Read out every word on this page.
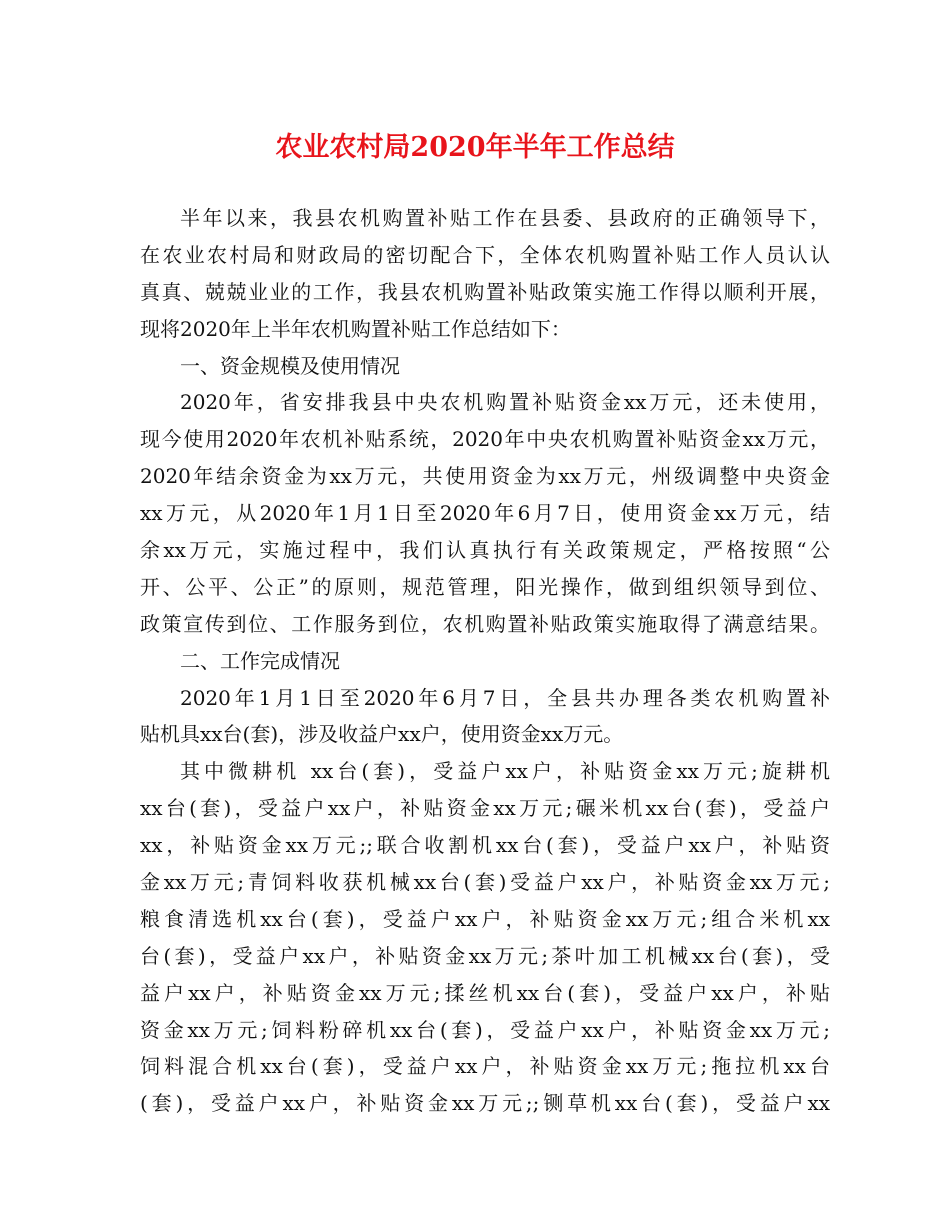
农业农村局2020年半年工作总结
半年以来，我县农机购置补贴工作在县委、县政府的正确领导下，
在农业农村局和财政局的密切配合下，全体农机购置补贴工作人员认认
真真、兢兢业业的工作，我县农机购置补贴政策实施工作得以顺利开展，
现将2020年上半年农机购置补贴工作总结如下：
一、资金规模及使用情况
2020年，省安排我县中央农机购置补贴资金xx万元，还未使用，
现今使用2020年农机补贴系统，2020年中央农机购置补贴资金xx万元，
2020年结余资金为xx万元，共使用资金为xx万元，州级调整中央资金
xx万元，从2020年1月1日至2020年6月7日，使用资金xx万元，结
余xx万元，实施过程中，我们认真执行有关政策规定，严格按照“公
开、公平、公正”的原则，规范管理，阳光操作，做到组织领导到位、
政策宣传到位、工作服务到位，农机购置补贴政策实施取得了满意结果。
二、工作完成情况
2020年1月1日至2020年6月7日，全县共办理各类农机购置补
贴机具xx台(套)，涉及收益户xx户，使用资金xx万元。
其中微耕机 xx台(套)，受益户xx户，补贴资金xx万元;旋耕机
xx台(套)，受益户xx户，补贴资金xx万元;碾米机xx台(套)，受益户
xx，补贴资金xx万元;;联合收割机xx台(套)，受益户xx户，补贴资
金xx万元;青饲料收获机械xx台(套)受益户xx户，补贴资金xx万元;
粮食清选机xx台(套)，受益户xx户，补贴资金xx万元;组合米机xx
台(套)，受益户xx户，补贴资金xx万元;茶叶加工机械xx台(套)，受
益户xx户，补贴资金xx万元;揉丝机xx台(套)，受益户xx户，补贴
资金xx万元;饲料粉碎机xx台(套)，受益户xx户，补贴资金xx万元;
饲料混合机xx台(套)，受益户xx户，补贴资金xx万元;拖拉机xx台
(套)，受益户xx户，补贴资金xx万元;;铡草机xx台(套)，受益户xx
